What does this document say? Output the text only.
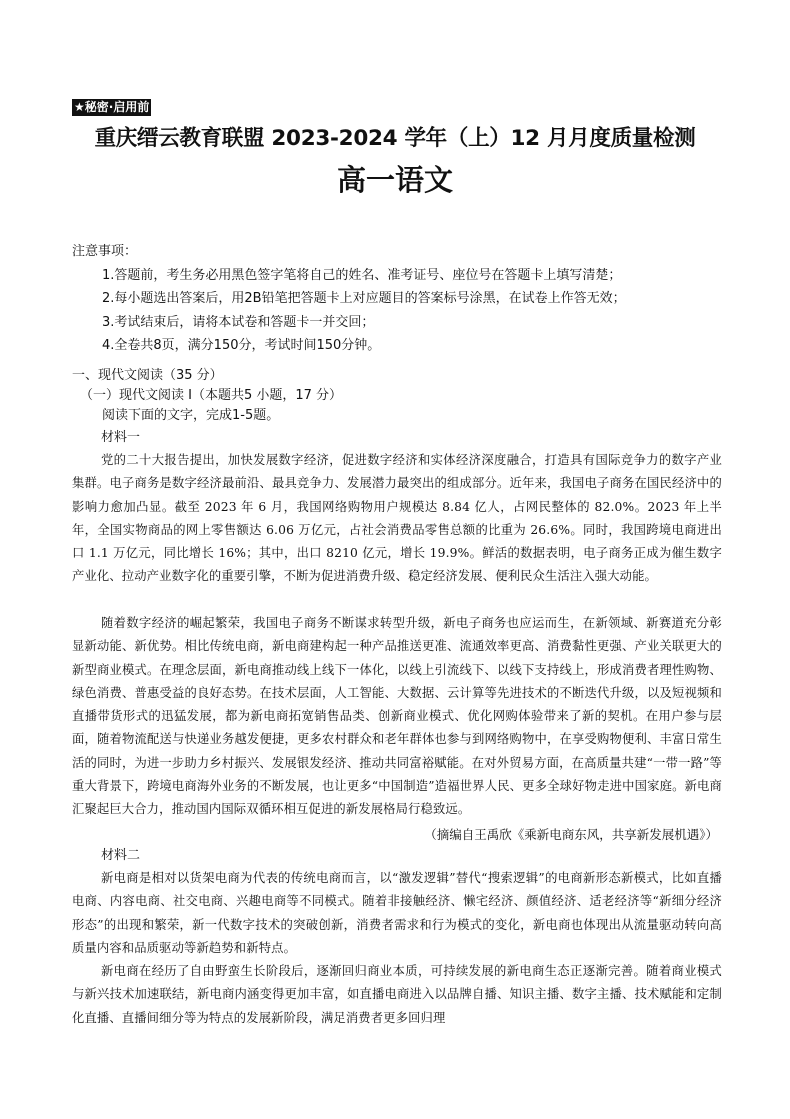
★秘密·启用前
重庆缙云教育联盟 2023-2024 学年（上）12 月月度质量检测
高一语文
注意事项：
1.答题前，考生务必用黑色签字笔将自己的姓名、准考证号、座位号在答题卡上填写清楚；
2.每小题选出答案后，用2B铅笔把答题卡上对应题目的答案标号涂黑，在试卷上作答无效；
3.考试结束后，请将本试卷和答题卡一并交回；
4.全卷共8页，满分150分，考试时间150分钟。
一、现代文阅读（35 分）
（一）现代文阅读 I（本题共5 小题，17 分）
阅读下面的文字，完成1-5题。
材料一
党的二十大报告提出，加快发展数字经济，促进数字经济和实体经济深度融合，打造具有国际竞争力的数字产业集群。电子商务是数字经济最前沿、最具竞争力、发展潜力最突出的组成部分。近年来，我国电子商务在国民经济中的影响力愈加凸显。截至 2023 年 6 月，我国网络购物用户规模达 8.84 亿人，占网民整体的 82.0%。2023 年上半年，全国实物商品的网上零售额达 6.06 万亿元，占社会消费品零售总额的比重为 26.6%。同时，我国跨境电商进出口 1.1 万亿元，同比增长 16%；其中，出口 8210 亿元，增长 19.9%。鲜活的数据表明，电子商务正成为催生数字产业化、拉动产业数字化的重要引擎，不断为促进消费升级、稳定经济发展、便利民众生活注入强大动能。
随着数字经济的崛起繁荣，我国电子商务不断谋求转型升级，新电子商务也应运而生，在新领域、新赛道充分彰显新动能、新优势。相比传统电商，新电商建构起一种产品推送更准、流通效率更高、消费黏性更强、产业关联更大的新型商业模式。在理念层面，新电商推动线上线下一体化，以线上引流线下、以线下支持线上，形成消费者理性购物、绿色消费、普惠受益的良好态势。在技术层面，人工智能、大数据、云计算等先进技术的不断迭代升级，以及短视频和直播带货形式的迅猛发展，都为新电商拓宽销售品类、创新商业模式、优化网购体验带来了新的契机。在用户参与层面，随着物流配送与快递业务越发便捷，更多农村群众和老年群体也参与到网络购物中，在享受购物便利、丰富日常生活的同时，为进一步助力乡村振兴、发展银发经济、推动共同富裕赋能。在对外贸易方面，在高质量共建“一带一路”等重大背景下，跨境电商海外业务的不断发展，也让更多“中国制造”造福世界人民、更多全球好物走进中国家庭。新电商汇聚起巨大合力，推动国内国际双循环相互促进的新发展格局行稳致远。
（摘编自王禹欣《乘新电商东风，共享新发展机遇》）
材料二
新电商是相对以货架电商为代表的传统电商而言，以“激发逻辑”替代“搜索逻辑”的电商新形态新模式，比如直播电商、内容电商、社交电商、兴趣电商等不同模式。随着非接触经济、懒宅经济、颜值经济、适老经济等“新细分经济形态”的出现和繁荣，新一代数字技术的突破创新，消费者需求和行为模式的变化，新电商也体现出从流量驱动转向高质量内容和品质驱动等新趋势和新特点。
新电商在经历了自由野蛮生长阶段后，逐渐回归商业本质，可持续发展的新电商生态正逐渐完善。随着商业模式与新兴技术加速联结，新电商内涵变得更加丰富，如直播电商进入以品牌自播、知识主播、数字主播、技术赋能和定制化直播、直播间细分等为特点的发展新阶段，满足消费者更多回归理
